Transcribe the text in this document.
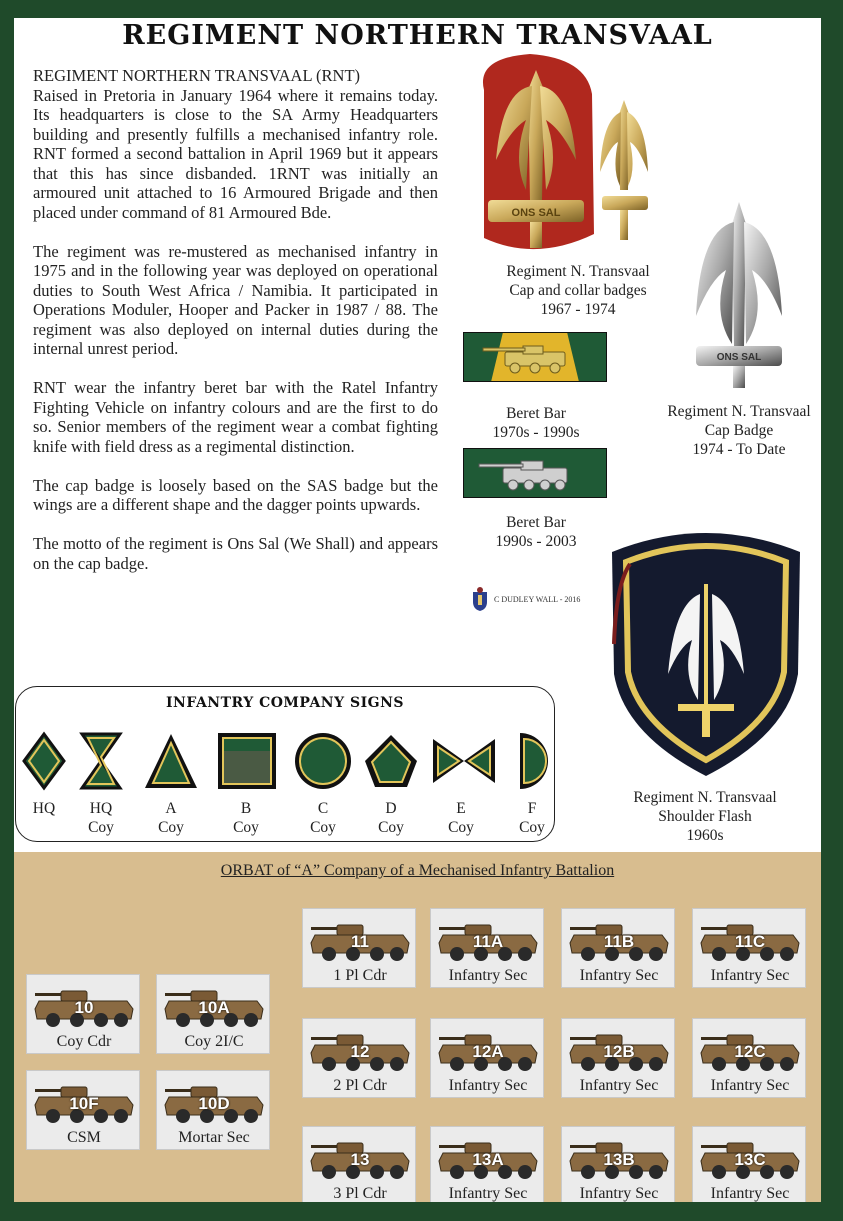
REGIMENT NORTHERN TRANSVAAL
REGIMENT NORTHERN TRANSVAAL (RNT)

Raised in Pretoria in January 1964 where it remains today. Its headquarters is close to the SA Army Headquarters building and presently fulfills a mechanised infantry role. RNT formed a second battalion in April 1969 but it appears that this has since disbanded. 1RNT was initially an armoured unit attached to 16 Armoured Brigade and then placed under command of 81 Armoured Bde.

The regiment was re-mustered as mechanised infantry in 1975 and in the following year was deployed on operational duties to South West Africa / Namibia. It participated in Operations Moduler, Hooper and Packer in 1987 / 88. The regiment was also deployed on internal duties during the internal unrest period.

RNT wear the infantry beret bar with the Ratel Infantry Fighting Vehicle on infantry colours and are the first to do so. Senior members of the regiment wear a combat fighting knife with field dress as a regimental distinction.

The cap badge is loosely based on the SAS badge but the wings are a different shape and the dagger points upwards.

The motto of the regiment is Ons Sal (We Shall) and appears on the cap badge.

ONS SAL
Regiment N. Transvaal
Cap and collar badges
1967 - 1974
ONS SAL
Regiment N. Transvaal
Cap Badge
1974 - To Date
Beret Bar
1970s - 1990s
Beret Bar
1990s - 2003
C DUDLEY WALL - 2016
Regiment N. Transvaal
Shoulder Flash
1960s
INFANTRY COMPANY SIGNS
HQ	HQ
Coy
A
Coy
B
Coy
C
Coy
D
Coy
E
Coy
F
Coy
ORBAT of “A” Company of a Mechanised Infantry Battalion
10
Coy Cdr
10A
Coy 2I/C
10F
CSM
10D
Mortar Sec
11
1 Pl Cdr
11A
Infantry Sec
11B
Infantry Sec
11C
Infantry Sec
12
2 Pl Cdr
12A
Infantry Sec
12B
Infantry Sec
12C
Infantry Sec
13
3 Pl Cdr
13A
Infantry Sec
13B
Infantry Sec
13C
Infantry Sec
